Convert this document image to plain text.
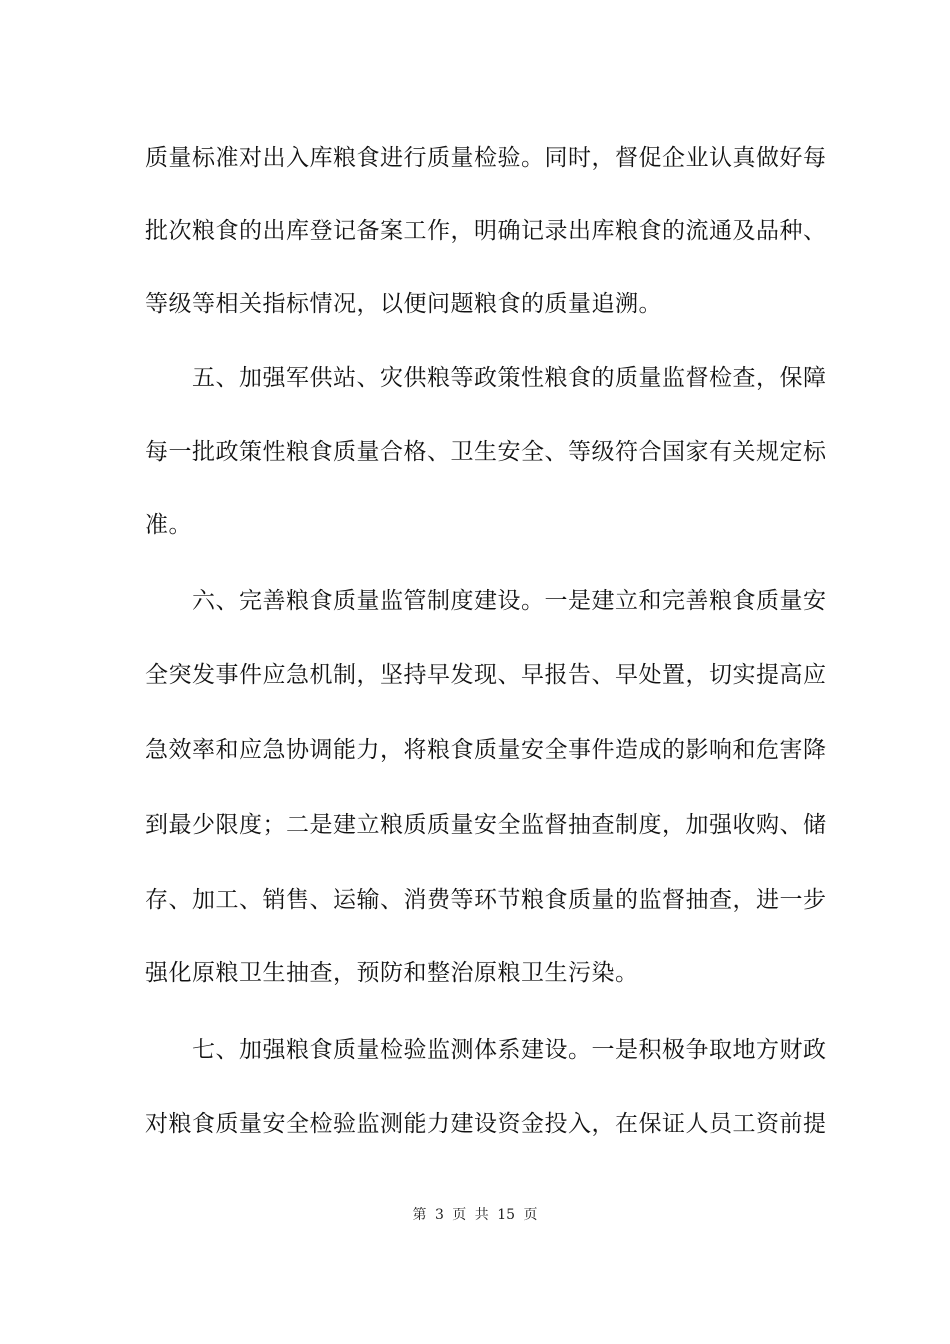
质量标准对出入库粮食进行质量检验。同时，督促企业认真做好每
批次粮食的出库登记备案工作，明确记录出库粮食的流通及品种、
等级等相关指标情况，以便问题粮食的质量追溯。
五、加强军供站、灾供粮等政策性粮食的质量监督检查，保障
每一批政策性粮食质量合格、卫生安全、等级符合国家有关规定标
准。
六、完善粮食质量监管制度建设。一是建立和完善粮食质量安
全突发事件应急机制，坚持早发现、早报告、早处置，切实提高应
急效率和应急协调能力，将粮食质量安全事件造成的影响和危害降
到最少限度；二是建立粮质质量安全监督抽查制度，加强收购、储
存、加工、销售、运输、消费等环节粮食质量的监督抽查，进一步
强化原粮卫生抽查，预防和整治原粮卫生污染。
七、加强粮食质量检验监测体系建设。一是积极争取地方财政
对粮食质量安全检验监测能力建设资金投入，在保证人员工资前提
第 3 页 共 15 页
